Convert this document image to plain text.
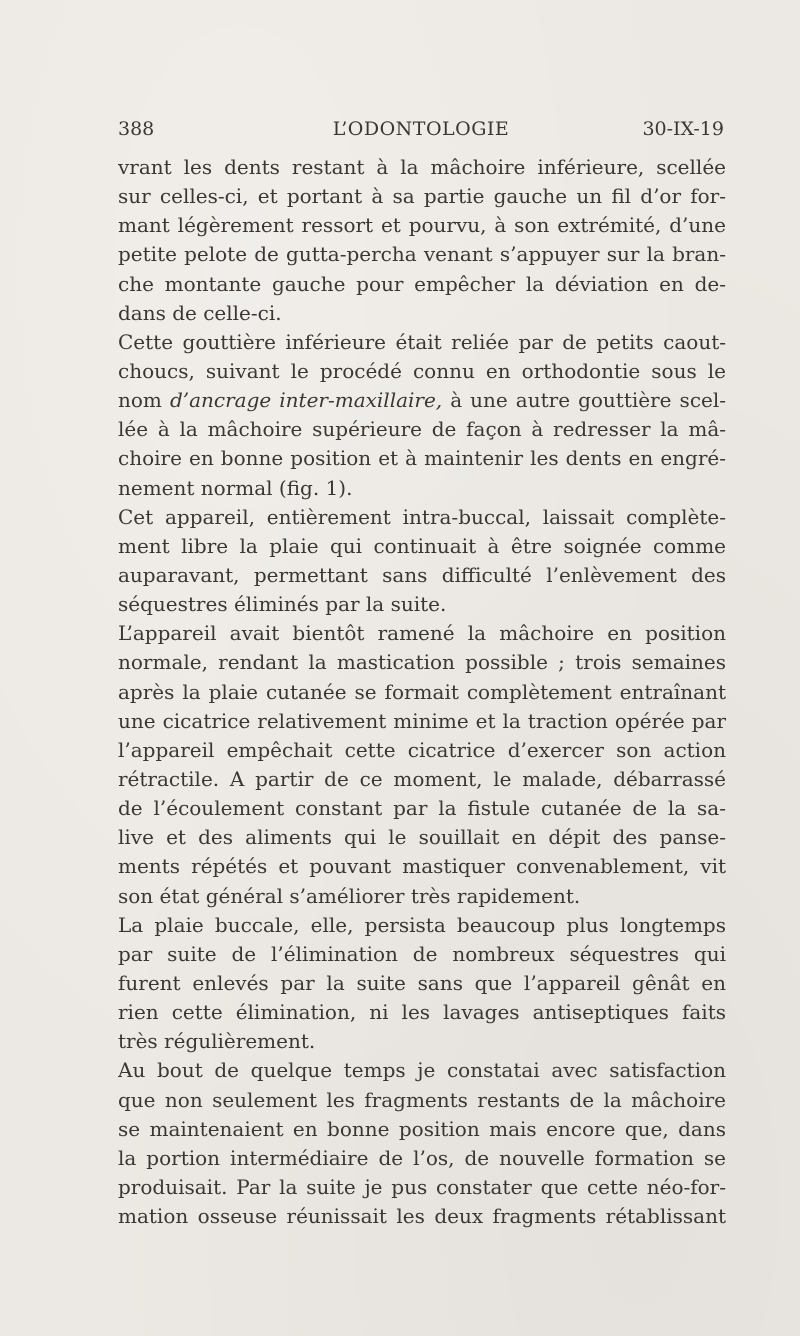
388	L’ODONTOLOGIE	30-IX-19
vrant les dents restant à la mâchoire inférieure, scellée
sur celles-ci, et portant à sa partie gauche un fil d’or for-
mant légèrement ressort et pourvu, à son extrémité, d’une
petite pelote de gutta-percha venant s’appuyer sur la bran-
che montante gauche pour empêcher la déviation en de-
dans de celle-ci.
Cette gouttière inférieure était reliée par de petits caout-
choucs, suivant le procédé connu en orthodontie sous le
nom d’ancrage inter-maxillaire, à une autre gouttière scel-
lée à la mâchoire supérieure de façon à redresser la mâ-
choire en bonne position et à maintenir les dents en engré-
nement normal (fig. 1).
Cet appareil, entièrement intra-buccal, laissait complète-
ment libre la plaie qui continuait à être soignée comme
auparavant, permettant sans difficulté l’enlèvement des
séquestres éliminés par la suite.
L’appareil avait bientôt ramené la mâchoire en position
normale, rendant la mastication possible ; trois semaines
après la plaie cutanée se formait complètement entraînant
une cicatrice relativement minime et la traction opérée par
l’appareil empêchait cette cicatrice d’exercer son action
rétractile. A partir de ce moment, le malade, débarrassé
de l’écoulement constant par la fistule cutanée de la sa-
live et des aliments qui le souillait en dépit des panse-
ments répétés et pouvant mastiquer convenablement, vit
son état général s’améliorer très rapidement.
La plaie buccale, elle, persista beaucoup plus longtemps
par suite de l’élimination de nombreux séquestres qui
furent enlevés par la suite sans que l’appareil gênât en
rien cette élimination, ni les lavages antiseptiques faits
très régulièrement.
Au bout de quelque temps je constatai avec satisfaction
que non seulement les fragments restants de la mâchoire
se maintenaient en bonne position mais encore que, dans
la portion intermédiaire de l’os, de nouvelle formation se
produisait. Par la suite je pus constater que cette néo-for-
mation osseuse réunissait les deux fragments rétablissant
